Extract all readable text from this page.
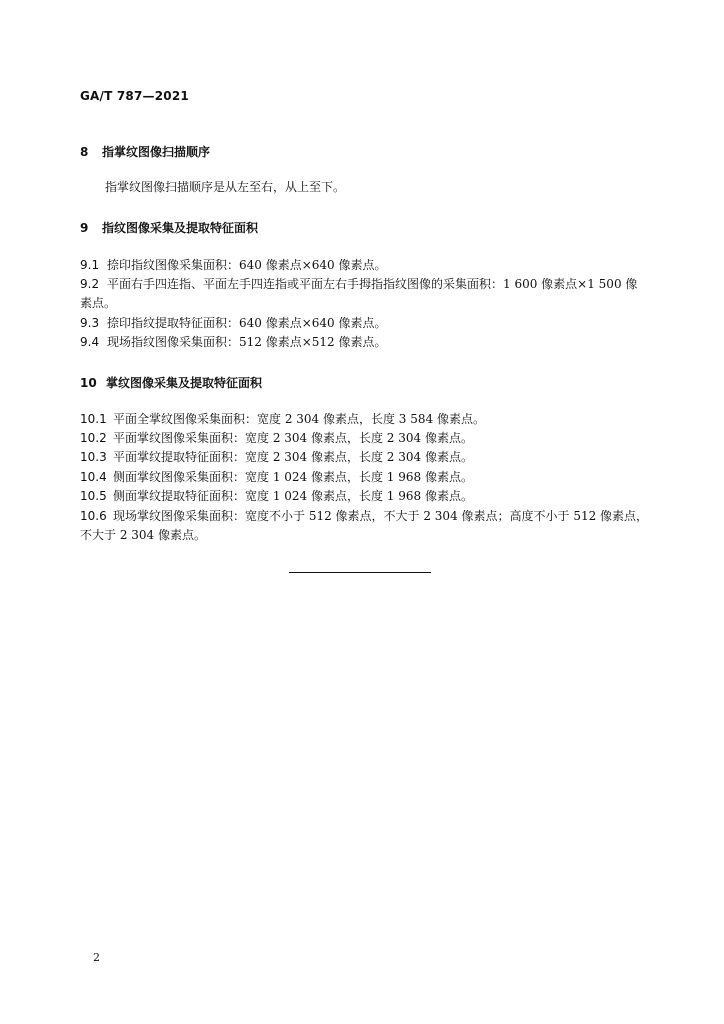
GA/T 787—2021
8 指掌纹图像扫描顺序
指掌纹图像扫描顺序是从左至右，从上至下。
9 指纹图像采集及提取特征面积
9.1 捺印指纹图像采集面积：640 像素点×640 像素点。
9.2 平面右手四连指、平面左手四连指或平面左右手拇指指纹图像的采集面积：1 600 像素点×1 500 像
素点。
9.3 捺印指纹提取特征面积：640 像素点×640 像素点。
9.4 现场指纹图像采集面积：512 像素点×512 像素点。
10 掌纹图像采集及提取特征面积
10.1 平面全掌纹图像采集面积：宽度 2 304 像素点，长度 3 584 像素点。
10.2 平面掌纹图像采集面积：宽度 2 304 像素点，长度 2 304 像素点。
10.3 平面掌纹提取特征面积：宽度 2 304 像素点，长度 2 304 像素点。
10.4 侧面掌纹图像采集面积：宽度 1 024 像素点，长度 1 968 像素点。
10.5 侧面掌纹提取特征面积：宽度 1 024 像素点，长度 1 968 像素点。
10.6 现场掌纹图像采集面积：宽度不小于 512 像素点，不大于 2 304 像素点；高度不小于 512 像素点，
不大于 2 304 像素点。
2
